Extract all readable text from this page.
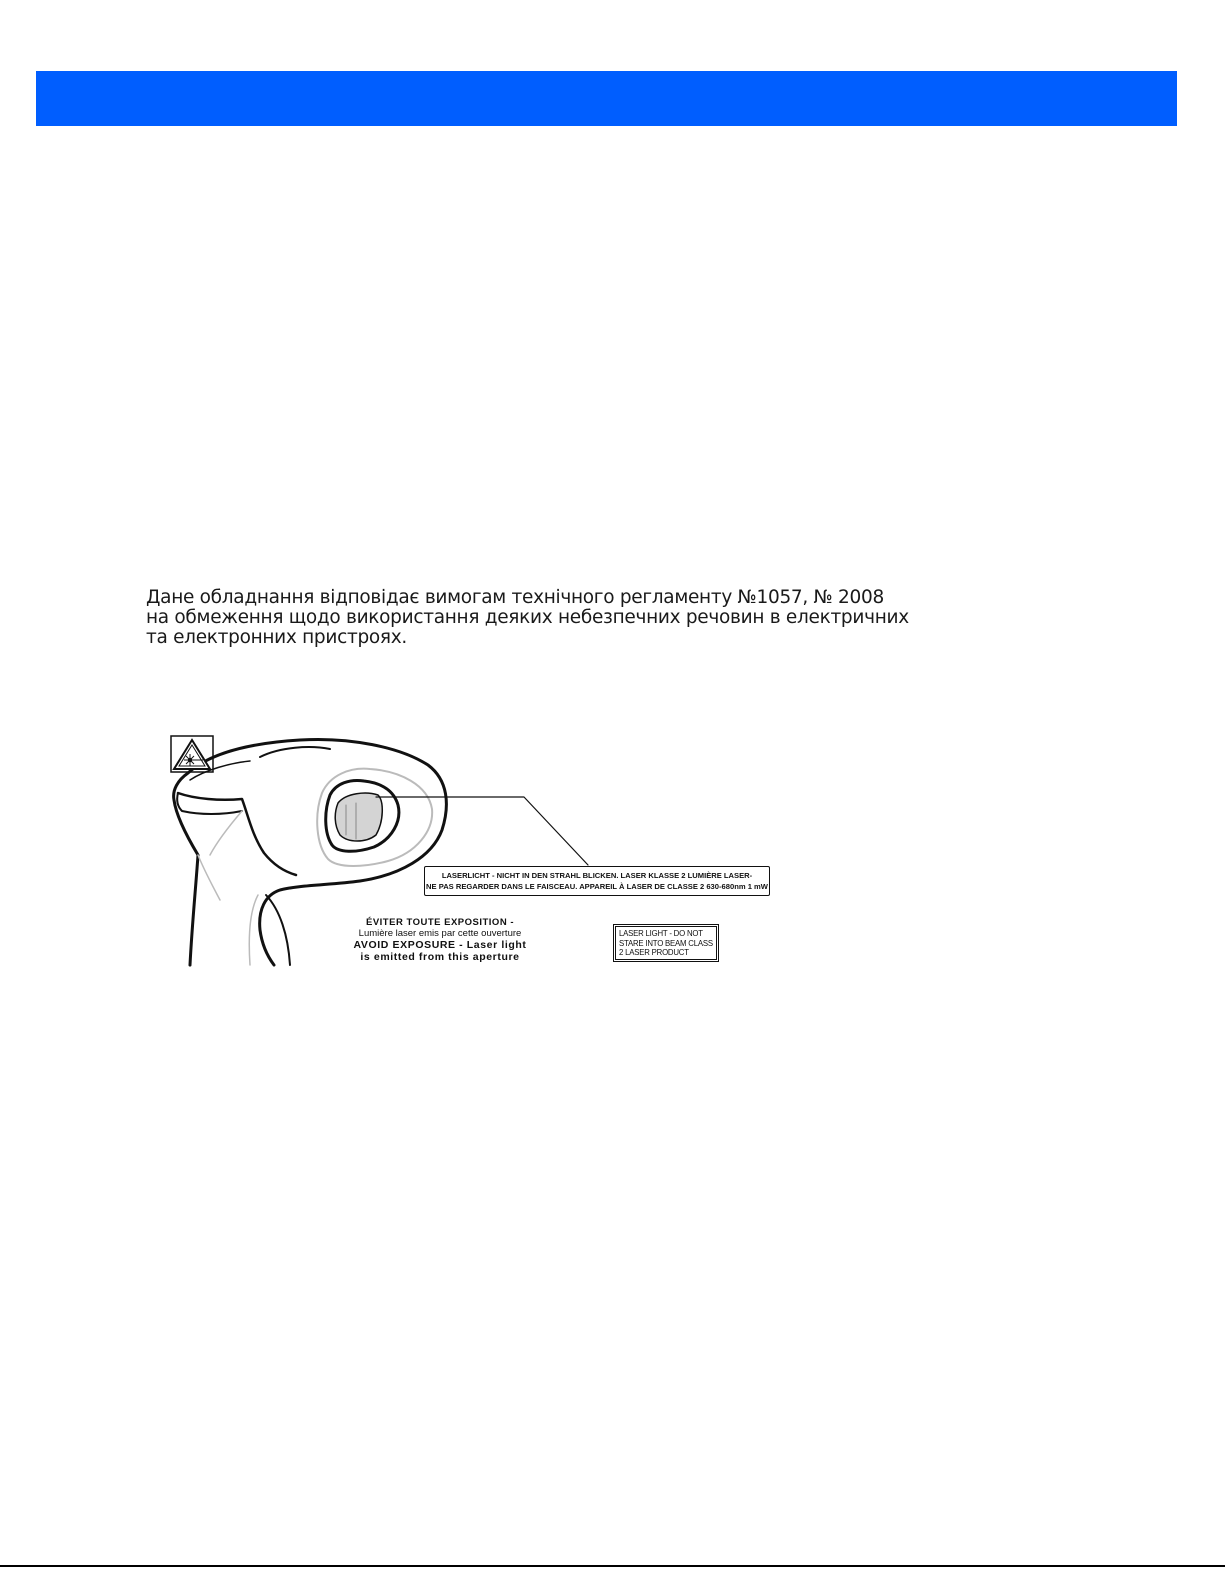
Дане обладнання відповідає вимогам технічного регламенту №1057, № 2008
на обмеження щодо використання деяких небезпечних речовин в електричних
та електронних пристроях.
LASERLICHT - NICHT IN DEN STRAHL BLICKEN. LASER KLASSE 2 LUMIÈRE LASER-
NE PAS REGARDER DANS LE FAISCEAU. APPAREIL À LASER DE CLASSE 2 630-680nm 1 mW
ÉVITER TOUTE EXPOSITION -
Lumière laser emis par cette ouverture
AVOID EXPOSURE - Laser light
is emitted from this aperture
LASER LIGHT - DO NOT
STARE INTO BEAM CLASS
2 LASER PRODUCT
